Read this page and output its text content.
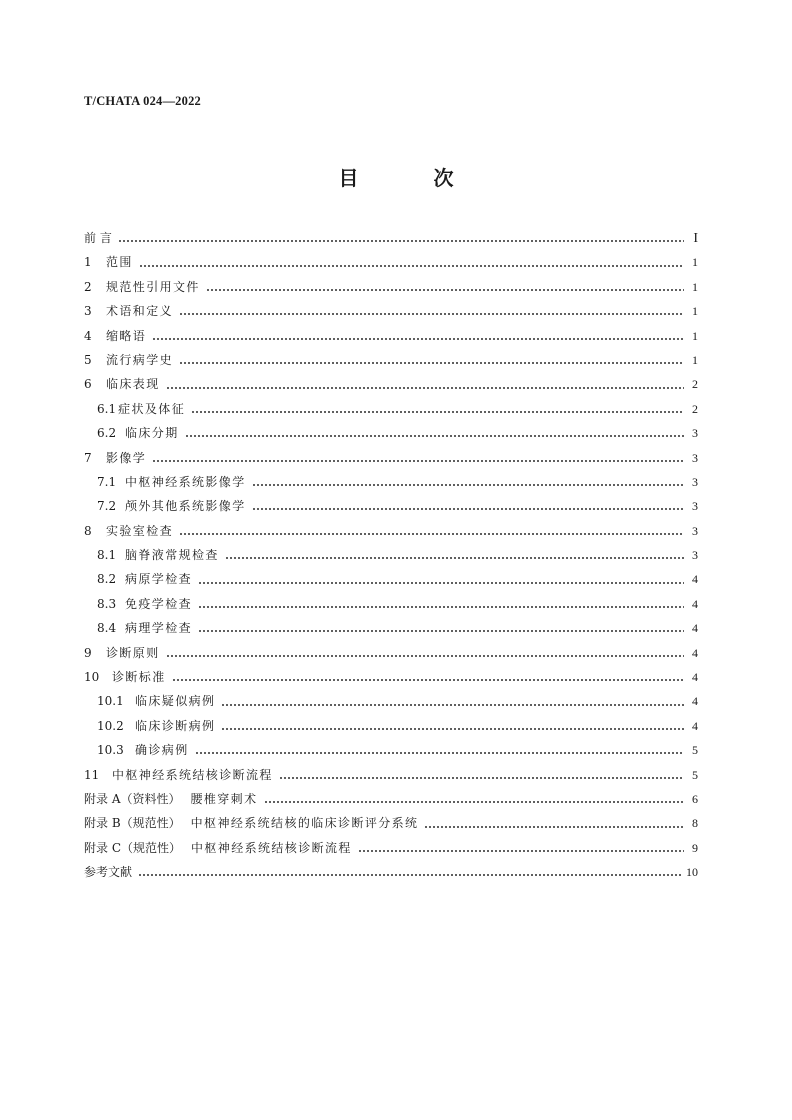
T/CHATA 024—2022
目 次
前 言	I
1	范围	1
2	规范性引用文件	1
3	术语和定义	1
4	缩略语	1
5	流行病学史	1
6	临床表现	2
6.1 症状及体征	2
6.2 临床分期	3
7	影像学	3
7.1 中枢神经系统影像学	3
7.2 颅外其他系统影像学	3
8	实验室检查	3
8.1 脑脊液常规检查	3
8.2 病原学检查	4
8.3 免疫学检查	4
8.4 病理学检查	4
9	诊断原则	4
10	诊断标准	4
10.1 临床疑似病例	4
10.2 临床诊断病例	4
10.3 确诊病例	5
11	中枢神经系统结核诊断流程	5
附录 A（资料性） 腰椎穿刺术	6
附录 B（规范性） 中枢神经系统结核的临床诊断评分系统	8
附录 C（规范性） 中枢神经系统结核诊断流程	9
参考文献	10
